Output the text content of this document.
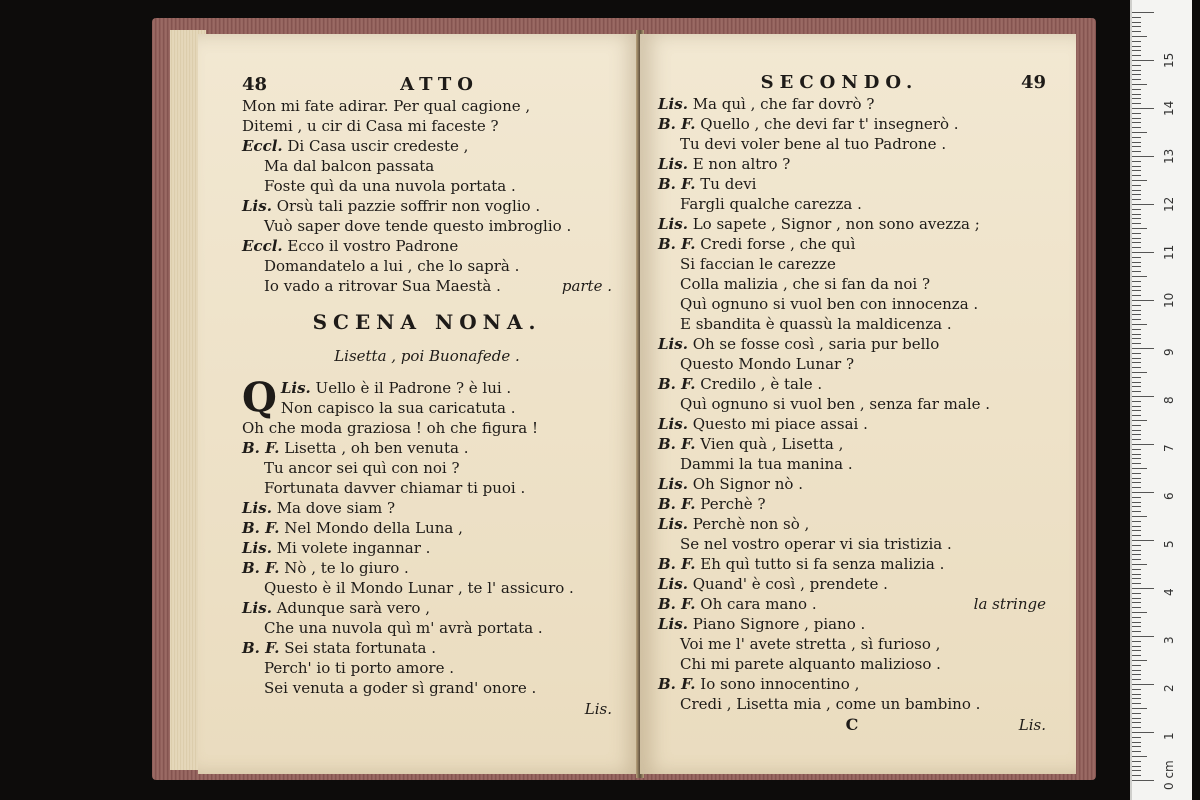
48	ATTO
Mon mi fate adirar. Per qual cagione ,
Ditemi , u cir di Casa mi faceste ?
Eccl. Di Casa uscir credeste ,
Ma dal balcon passata
Foste quì da una nuvola portata .
Lis. Orsù tali pazzie soffrir non voglio .
Vuò saper dove tende questo imbroglio .
Eccl. Ecco il vostro Padrone
Domandatelo a lui , che lo saprà .
Io vado a ritrovar Sua Maestà .	parte .
SCENA NONA.
Lisetta , poi Buonafede .
Lis.
Q	Uello è il Padrone ? è lui .
Non capisco la sua caricatuta .
Oh che moda graziosa ! oh che figura !
B. F. Lisetta , oh ben venuta .
Tu ancor sei quì con noi ?
Fortunata davver chiamar ti puoi .
Lis. Ma dove siam ?
B. F. Nel Mondo della Luna ,
Lis. Mi volete ingannar .
B. F. Nò , te lo giuro .
Questo è il Mondo Lunar , te l' assicuro .
Lis. Adunque sarà vero ,
Che una nuvola quì m' avrà portata .
B. F. Sei stata fortunata .
Perch' io ti porto amore .
Sei venuta a goder sì grand' onore .
Lis.
SECONDO.	49
Lis. Ma quì , che far dovrò ?
B. F. Quello , che devi far t' insegnerò .
Tu devi voler bene al tuo Padrone .
Lis. E non altro ?
B. F. Tu devi
Fargli qualche carezza .
Lis. Lo sapete , Signor , non sono avezza ;
B. F. Credi forse , che quì
Si faccian le carezze
Colla malizia , che si fan da noi ?
Quì ognuno si vuol ben con innocenza .
E sbandita è quassù la maldicenza .
Lis. Oh se fosse così , saria pur bello
Questo Mondo Lunar ?
B. F. Credilo , è tale .
Quì ognuno si vuol ben , senza far male .
Lis. Questo mi piace assai .
B. F. Vien quà , Lisetta ,
Dammi la tua manina .
Lis. Oh Signor nò .
B. F. Perchè ?
Lis. Perchè non sò ,
Se nel vostro operar vi sia tristizia .
B. F. Eh quì tutto si fa senza malizia .
Lis. Quand' è così , prendete .
B. F. Oh cara mano .	la stringe
Lis. Piano Signore , piano .
Voi me l' avete stretta , sì furioso ,
Chi mi parete alquanto malizioso .
B. F. Io sono innocentino ,
Credi , Lisetta mia , come un bambino .
C	Lis.
0 cm
1
2
3
4
5
6
7
8
9
10
11
12
13
14
15
